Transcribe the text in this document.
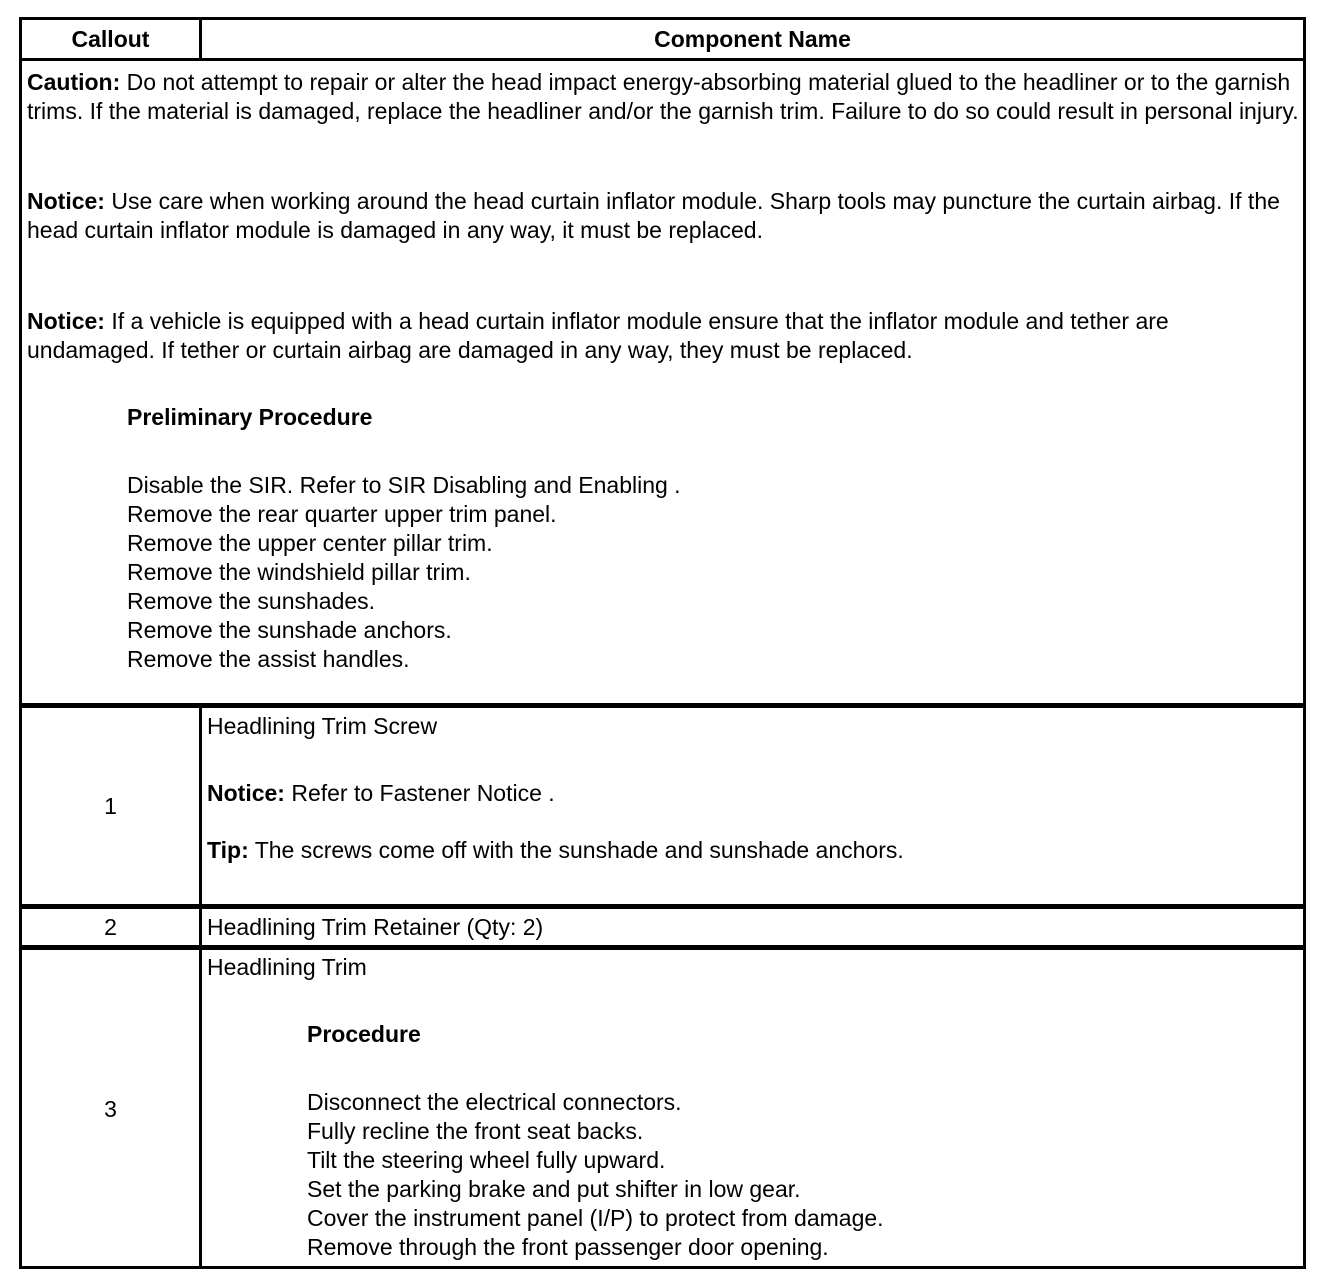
Callout	Component Name

Caution: Do not attempt to repair or alter the head impact energy-absorbing material glued to the headliner or to the garnish trims. If the material is damaged, replace the headliner and/or the garnish trim. Failure to do so could result in personal injury.

Notice: Use care when working around the head curtain inflator module. Sharp tools may puncture the curtain airbag. If the head curtain inflator module is damaged in any way, it must be replaced.

Notice: If a vehicle is equipped with a head curtain inflator module ensure that the inflator module and tether are undamaged. If tether or curtain airbag are damaged in any way, they must be replaced.

Preliminary Procedure
Disable the SIR. Refer to SIR Disabling and Enabling .
Remove the rear quarter upper trim panel.
Remove the upper center pillar trim.
Remove the windshield pillar trim.
Remove the sunshades.
Remove the sunshade anchors.
Remove the assist handles.
1
Headlining Trim Screw
Notice: Refer to Fastener Notice .
Tip: The screws come off with the sunshade and sunshade anchors.
2	Headlining Trim Retainer (Qty: 2)
3
Headlining Trim
Procedure
Disconnect the electrical connectors.
Fully recline the front seat backs.
Tilt the steering wheel fully upward.
Set the parking brake and put shifter in low gear.
Cover the instrument panel (I/P) to protect from damage.
Remove through the front passenger door opening.
